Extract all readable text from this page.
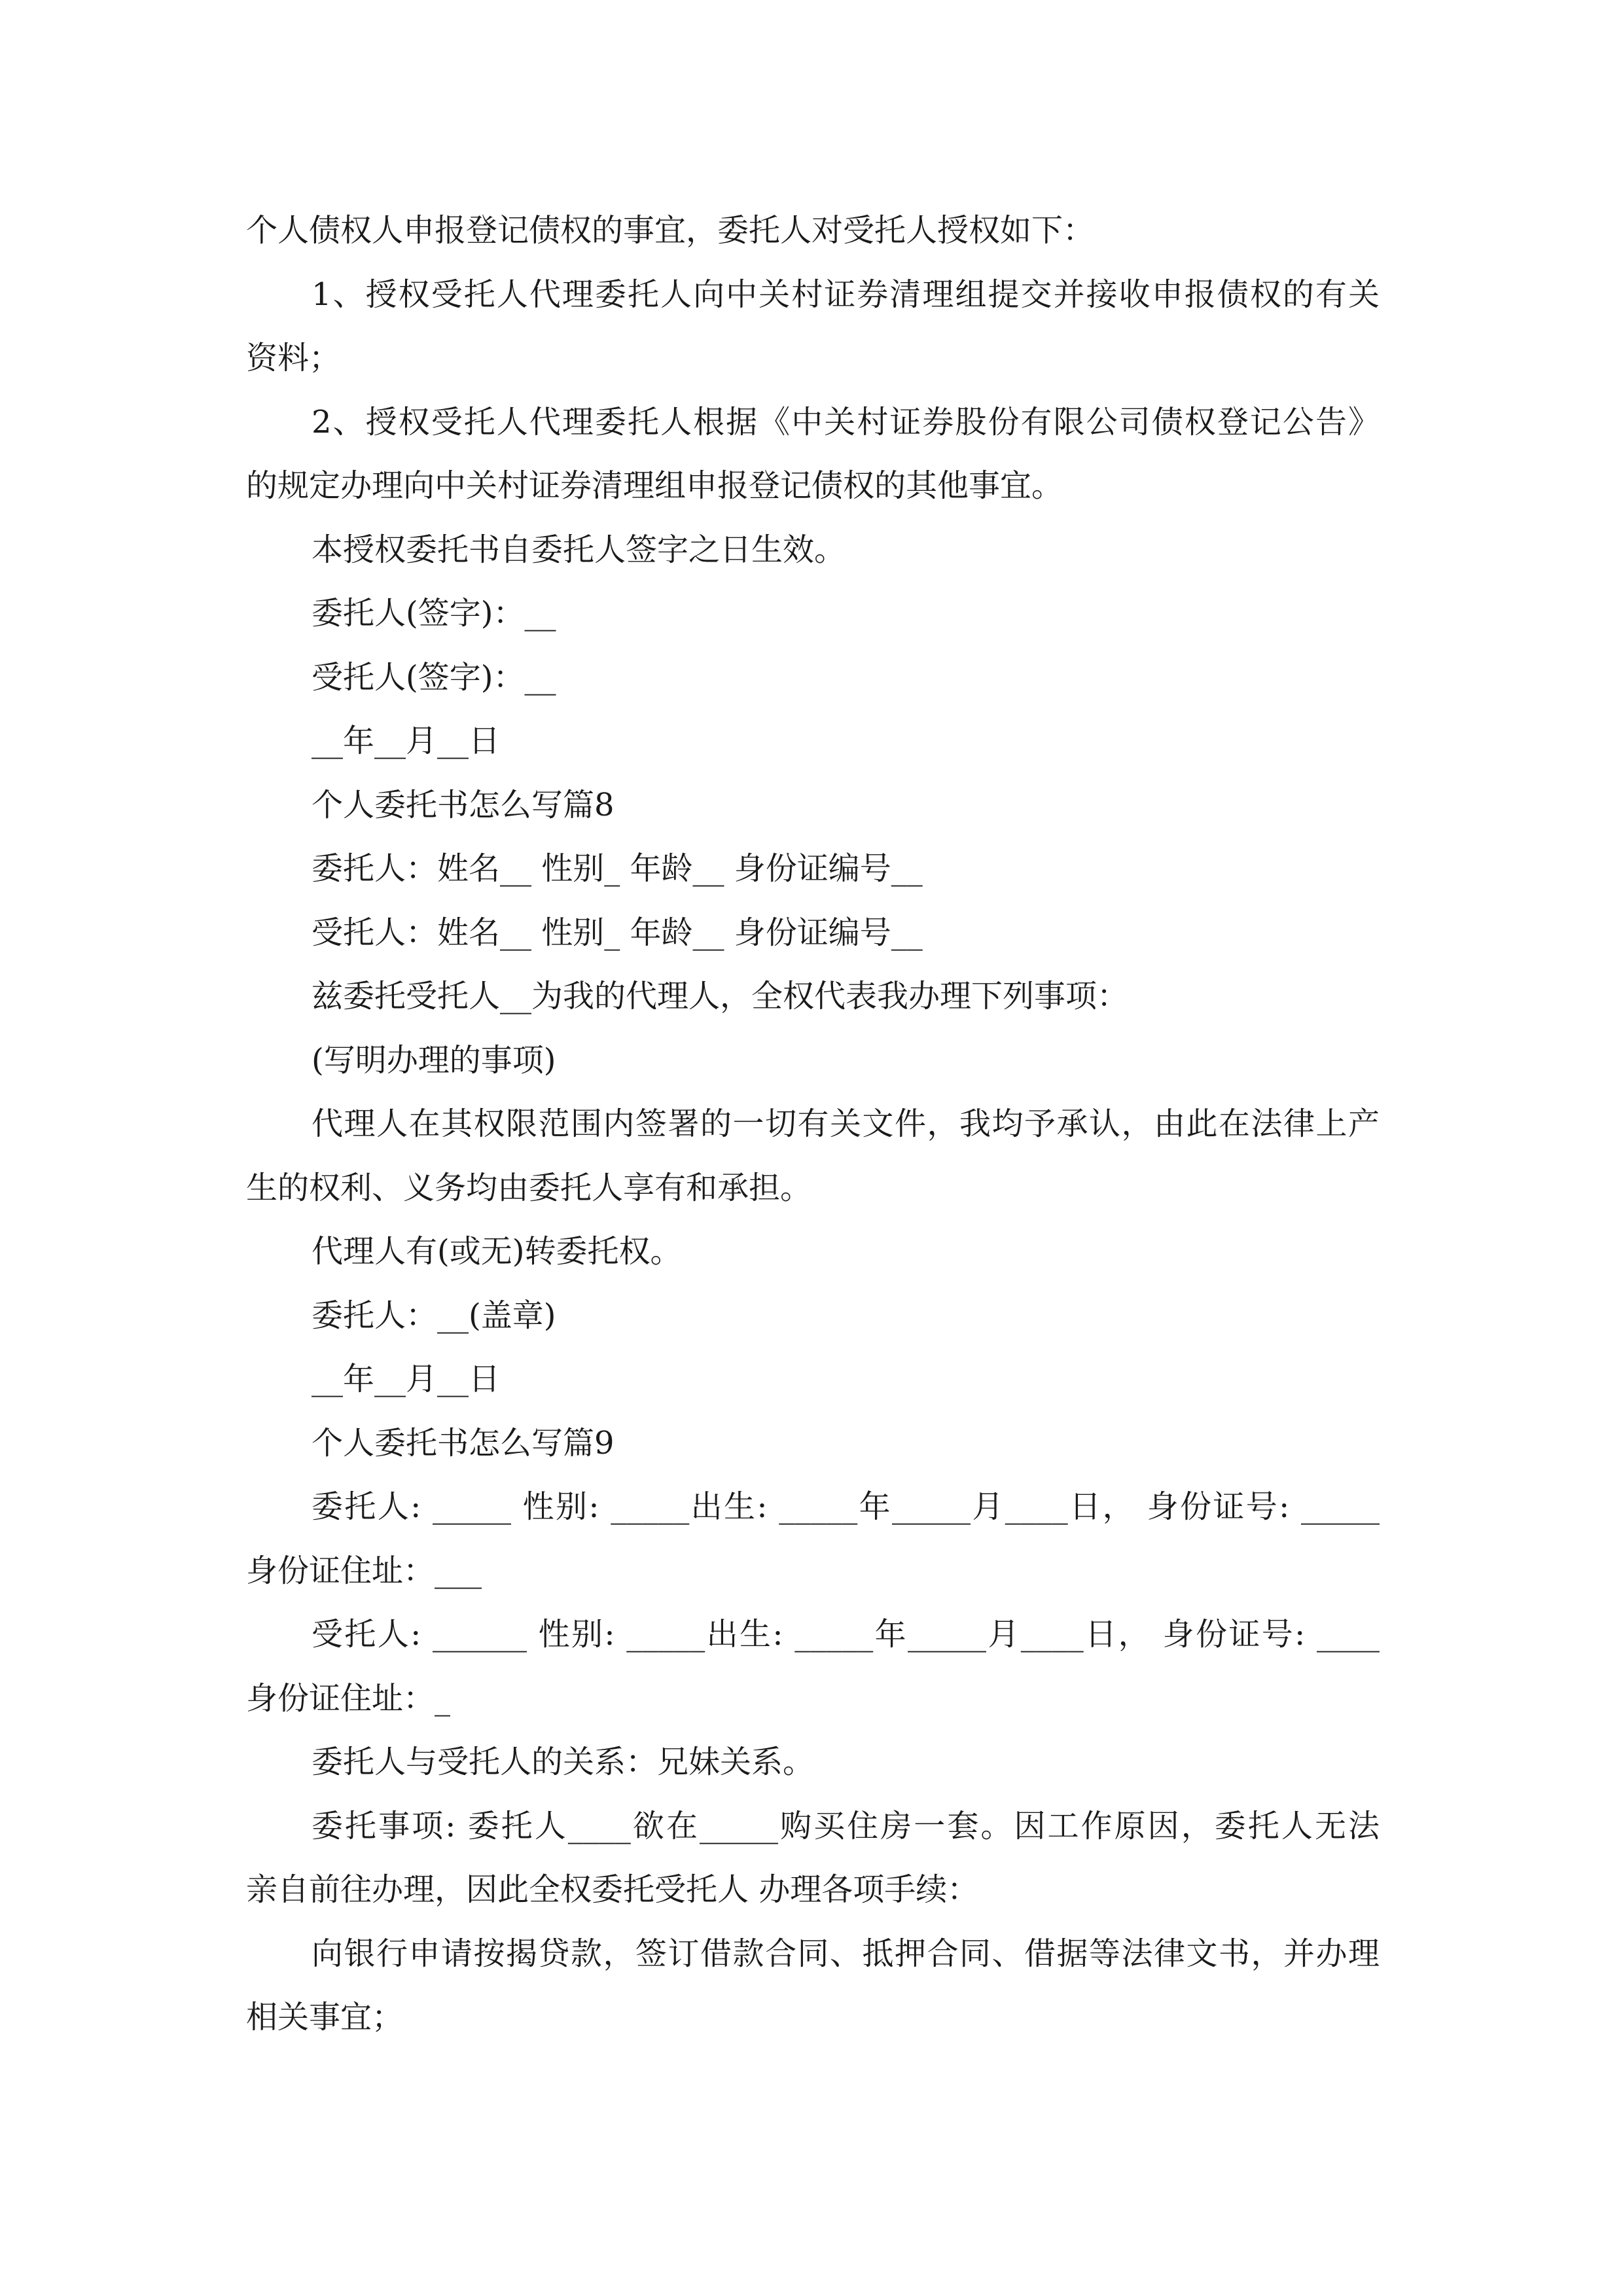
个人债权人申报登记债权的事宜，委托人对受托人授权如下：
1、授权受托人代理委托人向中关村证券清理组提交并接收申报债权的有关
资料；
2、授权受托人代理委托人根据《中关村证券股份有限公司债权登记公告》
的规定办理向中关村证券清理组申报登记债权的其他事宜。
本授权委托书自委托人签字之日生效。
委托人(签字)：__
受托人(签字)：__
__年__月__日
个人委托书怎么写篇8
委托人：姓名__ 性别_ 年龄__ 身份证编号__
受托人：姓名__ 性别_ 年龄__ 身份证编号__
兹委托受托人__为我的代理人，全权代表我办理下列事项：
(写明办理的事项)
代理人在其权限范围内签署的一切有关文件，我均予承认，由此在法律上产
生的权利、义务均由委托人享有和承担。
代理人有(或无)转委托权。
委托人：__(盖章)
__年__月__日
个人委托书怎么写篇9
委托人: _____ 性别: _____出生: _____年_____月____日， 身份证号: _____
身份证住址：___
受托人: ______ 性别: _____出生: _____年_____月____日， 身份证号: ____
身份证住址：_
委托人与受托人的关系：兄妹关系。
委托事项: 委托人____欲在_____购买住房一套。因工作原因，委托人无法
亲自前往办理，因此全权委托受托人 办理各项手续：
向银行申请按揭贷款，签订借款合同、抵押合同、借据等法律文书，并办理
相关事宜；
